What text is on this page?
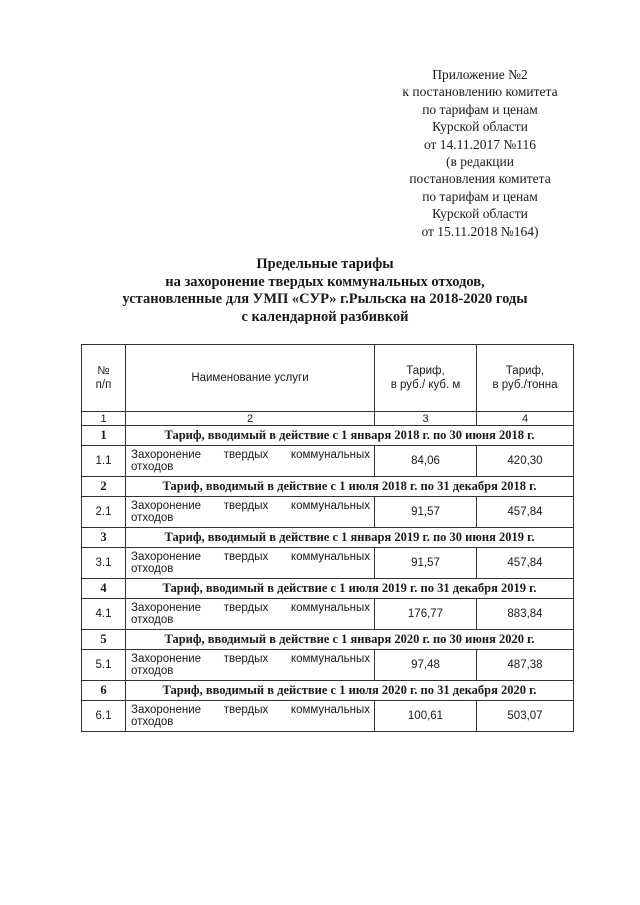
Приложение №2
к постановлению комитета
по тарифам и ценам
Курской области
от 14.11.2017 №116
(в редакции
постановления комитета
по тарифам и ценам
Курской области
от 15.11.2018 №164)
Предельные тарифы
на захоронение твердых коммунальных отходов,
установленные для УМП «СУР» г.Рыльска на 2018-2020 годы
с календарной разбивкой
№
п/п	Наименование услуги	Тариф,
в руб./ куб. м	Тариф,
в руб./тонна
1	2	3	4
1	Тариф, вводимый в действие с 1 января 2018 г. по 30 июня 2018 г.		
1.1	Захоронение твердых коммунальных
отходов	84,06	420,30
2	Тариф, вводимый в действие с 1 июля 2018 г. по 31 декабря 2018 г.		
2.1	Захоронение твердых коммунальных
отходов	91,57	457,84
3	Тариф, вводимый в действие с 1 января 2019 г. по 30 июня 2019 г.		
3.1	Захоронение твердых коммунальных
отходов	91,57	457,84
4	Тариф, вводимый в действие с 1 июля 2019 г. по 31 декабря 2019 г.		
4.1	Захоронение твердых коммунальных
отходов	176,77	883,84
5	Тариф, вводимый в действие с 1 января 2020 г. по 30 июня 2020 г.		
5.1	Захоронение твердых коммунальных
отходов	97,48	487,38
6	Тариф, вводимый в действие с 1 июля 2020 г. по 31 декабря 2020 г.		
6.1	Захоронение твердых коммунальных
отходов	100,61	503,07
